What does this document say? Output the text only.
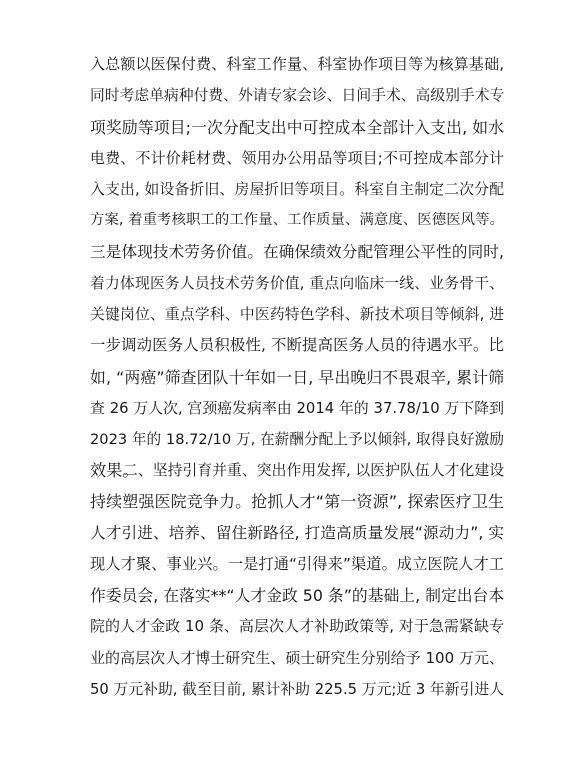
入总额以医保付费、科室工作量、科室协作项目等为核算基础,
同时考虑单病种付费、外请专家会诊、日间手术、高级别手术专
项奖励等项目;一次分配支出中可控成本全部计入支出, 如水
电费、不计价耗材费、领用办公用品等项目;不可控成本部分计
入支出, 如设备折旧、房屋折旧等项目。科室自主制定二次分配
方案, 着重考核职工的工作量、工作质量、满意度、医德医风等。
三是体现技术劳务价值。在确保绩效分配管理公平性的同时,
着力体现医务人员技术劳务价值, 重点向临床一线、业务骨干、
关键岗位、重点学科、中医药特色学科、新技术项目等倾斜, 进
一步调动医务人员积极性, 不断提高医务人员的待遇水平。比
如, “两癌”筛查团队十年如一日, 早出晚归不畏艰辛, 累计筛
查 26 万人次, 宫颈癌发病率由 2014 年的 37.78/10 万下降到
2023 年的 18.72/10 万, 在薪酬分配上予以倾斜, 取得良好激励
效果。
二、坚持引育并重、突出作用发挥, 以医护队伍人才化建设
持续塑强医院竞争力。抢抓人才“第一资源”, 探索医疗卫生
人才引进、培养、留住新路径, 打造高质量发展“源动力”, 实
现人才聚、事业兴。一是打通“引得来”渠道。成立医院人才工
作委员会, 在落实**“人才金政 50 条”的基础上, 制定出台本
院的人才金政 10 条、高层次人才补助政策等, 对于急需紧缺专
业的高层次人才博士研究生、硕士研究生分别给予 100 万元、
50 万元补助, 截至目前, 累计补助 225.5 万元;近 3 年新引进人
